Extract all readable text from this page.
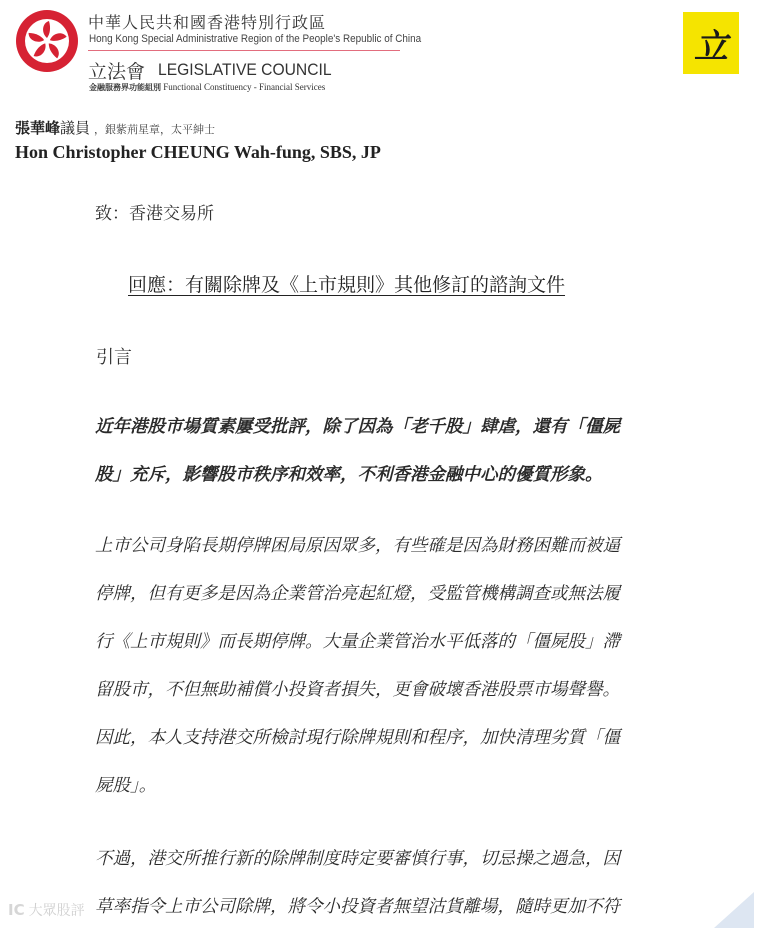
中華人民共和國香港特別行政區
Hong Kong Special Administrative Region of the People's Republic of China
立法會 LEGISLATIVE COUNCIL
金融服務界功能組別 Functional Constituency - Financial Services
立
張華峰議員 ，銀紫荊星章，太平紳士
Hon Christopher CHEUNG Wah-fung, SBS, JP
致：香港交易所
回應：有關除牌及《上市規則》其他修訂的諮詢文件
引言
近年港股市場質素屢受批評，除了因為「老千股」肆虐，還有「僵屍
股」充斥，影響股市秩序和效率，不利香港金融中心的優質形象。
上市公司身陷長期停牌困局原因眾多，有些確是因為財務困難而被逼
停牌，但有更多是因為企業管治亮起紅燈，受監管機構調查或無法履
行《上市規則》而長期停牌。大量企業管治水平低落的「僵屍股」滯
留股市，不但無助補償小投資者損失，更會破壞香港股票市場聲譽。
因此，本人支持港交所檢討現行除牌規則和程序，加快清理劣質「僵
屍股」。
不過，港交所推行新的除牌制度時定要審慎行事，切忌操之過急，因
草率指令上市公司除牌，將令小投資者無望沽貨離場，隨時更加不符
IC 大眾股評
